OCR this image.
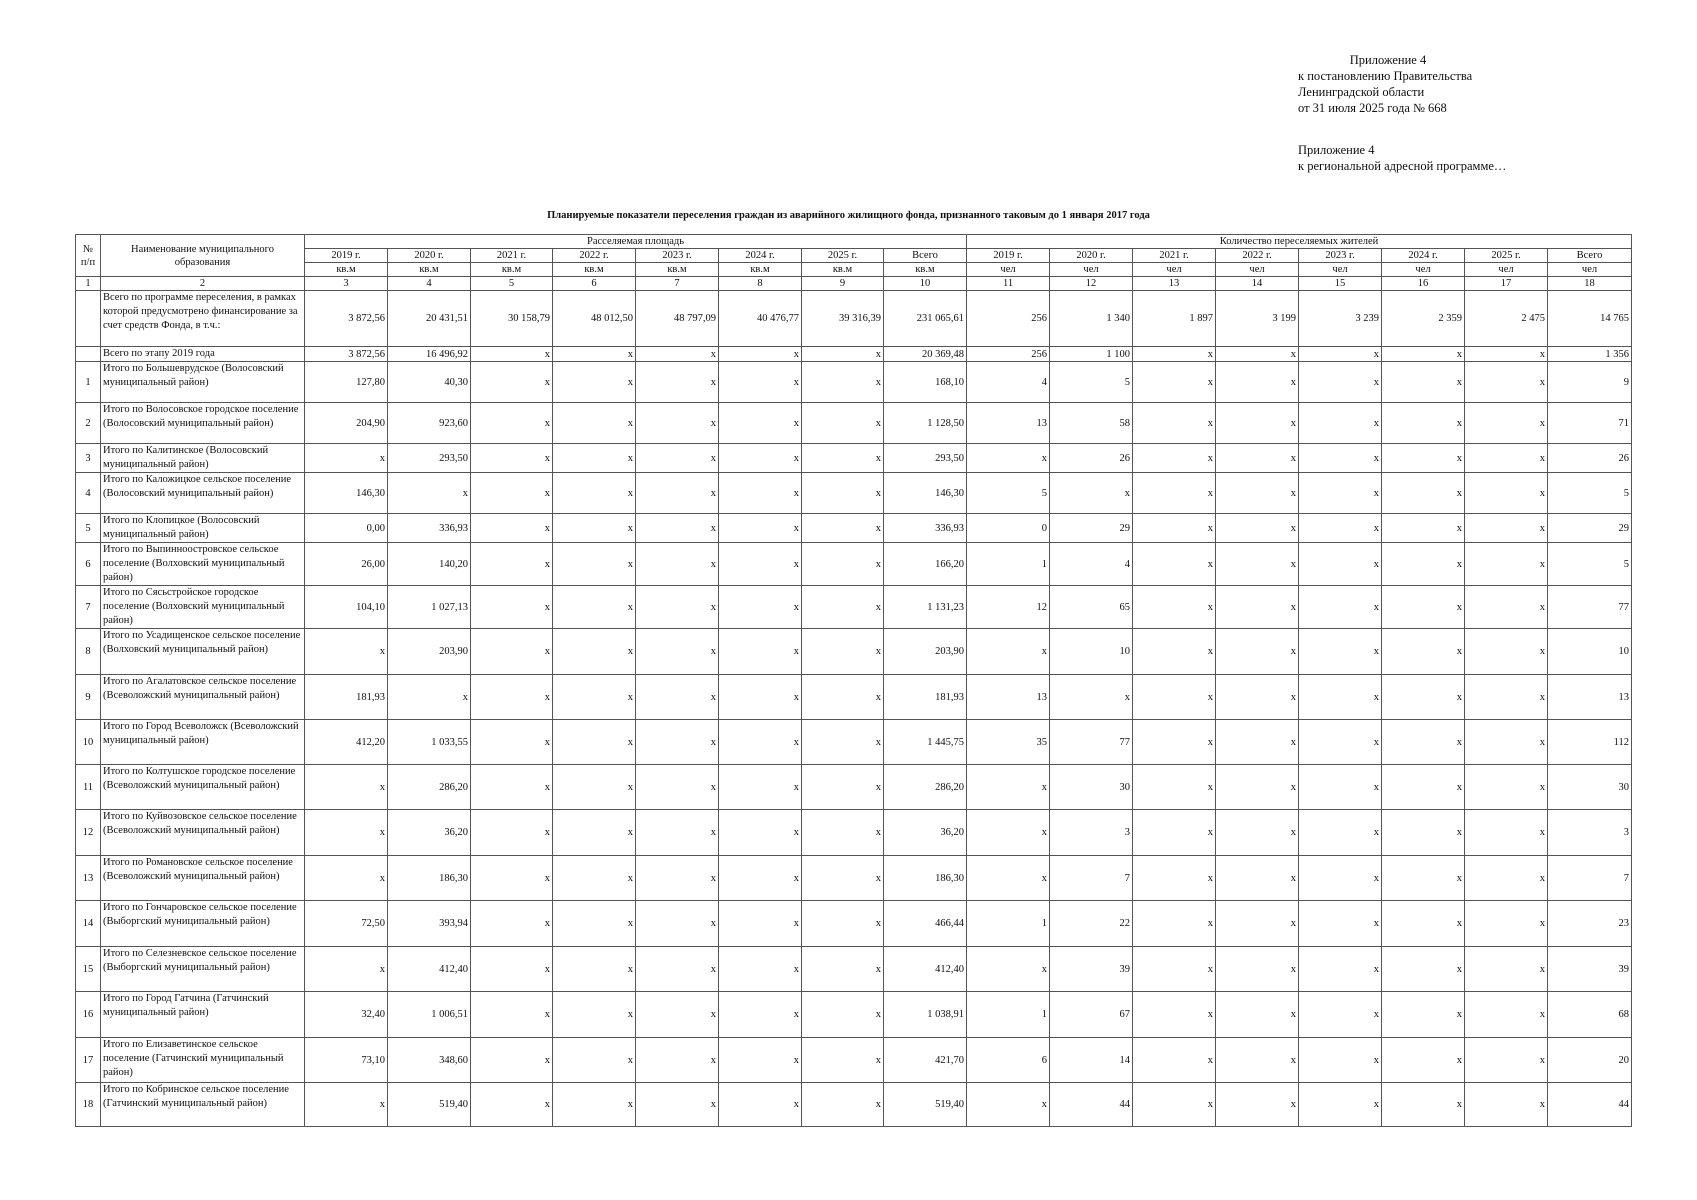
Приложение 4
к постановлению Правительства
Ленинградской области
от 31 июля 2025 года № 668
Приложение 4
к региональной адресной программе…
Планируемые показатели переселения граждан из аварийного жилищного фонда, признанного таковым до 1 января 2017 года
№ п/п	Наименование муниципального образования	Расселяемая площадь								Количество переселяемых жителей							
		2019 г.	2020 г.	2021 г.	2022 г.	2023 г.	2024 г.	2025 г.	Всего	2019 г.	2020 г.	2021 г.	2022 г.	2023 г.	2024 г.	2025 г.	Всего
		кв.м	кв.м	кв.м	кв.м	кв.м	кв.м	кв.м	кв.м	чел	чел	чел	чел	чел	чел	чел	чел
1	2	3	4	5	6	7	8	9	10	11	12	13	14	15	16	17	18
	Всего по программе переселения, в рамках которой предусмотрено финансирование за счет средств Фонда, в т.ч.:	3 872,56	20 431,51	30 158,79	48 012,50	48 797,09	40 476,77	39 316,39	231 065,61	256	1 340	1 897	3 199	3 239	2 359	2 475	14 765
	Всего по этапу 2019 года	3 872,56	16 496,92	x	x	x	x	x	20 369,48	256	1 100	x	x	x	x	x	1 356
1	Итого по Большеврудское (Волосовский муниципальный район)	127,80	40,30	x	x	x	x	x	168,10	4	5	x	x	x	x	x	9
2	Итого по Волосовское городское поселение (Волосовский муниципальный район)	204,90	923,60	x	x	x	x	x	1 128,50	13	58	x	x	x	x	x	71
3	Итого по Калитинское (Волосовский муниципальный район)	x	293,50	x	x	x	x	x	293,50	x	26	x	x	x	x	x	26
4	Итого по Каложицкое сельское поселение (Волосовский муниципальный район)	146,30	x	x	x	x	x	x	146,30	5	x	x	x	x	x	x	5
5	Итого по Клопицкое (Волосовский муниципальный район)	0,00	336,93	x	x	x	x	x	336,93	0	29	x	x	x	x	x	29
6	Итого по Выпинноостровское сельское поселение (Волховский муниципальный район)	26,00	140,20	x	x	x	x	x	166,20	1	4	x	x	x	x	x	5
7	Итого по Сясьстройское городское поселение (Волховский муниципальный район)	104,10	1 027,13	x	x	x	x	x	1 131,23	12	65	x	x	x	x	x	77
8	Итого по Усадищенское сельское поселение (Волховский муниципальный район)	x	203,90	x	x	x	x	x	203,90	x	10	x	x	x	x	x	10
9	Итого по Агалатовское сельское поселение (Всеволожский муниципальный район)	181,93	x	x	x	x	x	x	181,93	13	x	x	x	x	x	x	13
10	Итого по Город Всеволожск (Всеволожский муниципальный район)	412,20	1 033,55	x	x	x	x	x	1 445,75	35	77	x	x	x	x	x	112
11	Итого по Колтушское городское поселение (Всеволожский муниципальный район)	x	286,20	x	x	x	x	x	286,20	x	30	x	x	x	x	x	30
12	Итого по Куйвозовское сельское поселение (Всеволожский муниципальный район)	x	36,20	x	x	x	x	x	36,20	x	3	x	x	x	x	x	3
13	Итого по Романовское сельское поселение (Всеволожский муниципальный район)	x	186,30	x	x	x	x	x	186,30	x	7	x	x	x	x	x	7
14	Итого по Гончаровское сельское поселение (Выборгский муниципальный район)	72,50	393,94	x	x	x	x	x	466,44	1	22	x	x	x	x	x	23
15	Итого по Селезневское сельское поселение (Выборгский муниципальный район)	x	412,40	x	x	x	x	x	412,40	x	39	x	x	x	x	x	39
16	Итого по Город Гатчина (Гатчинский муниципальный район)	32,40	1 006,51	x	x	x	x	x	1 038,91	1	67	x	x	x	x	x	68
17	Итого по Елизаветинское сельское поселение (Гатчинский муниципальный район)	73,10	348,60	x	x	x	x	x	421,70	6	14	x	x	x	x	x	20
18	Итого по Кобринское сельское поселение (Гатчинский муниципальный район)	x	519,40	x	x	x	x	x	519,40	x	44	x	x	x	x	x	44
